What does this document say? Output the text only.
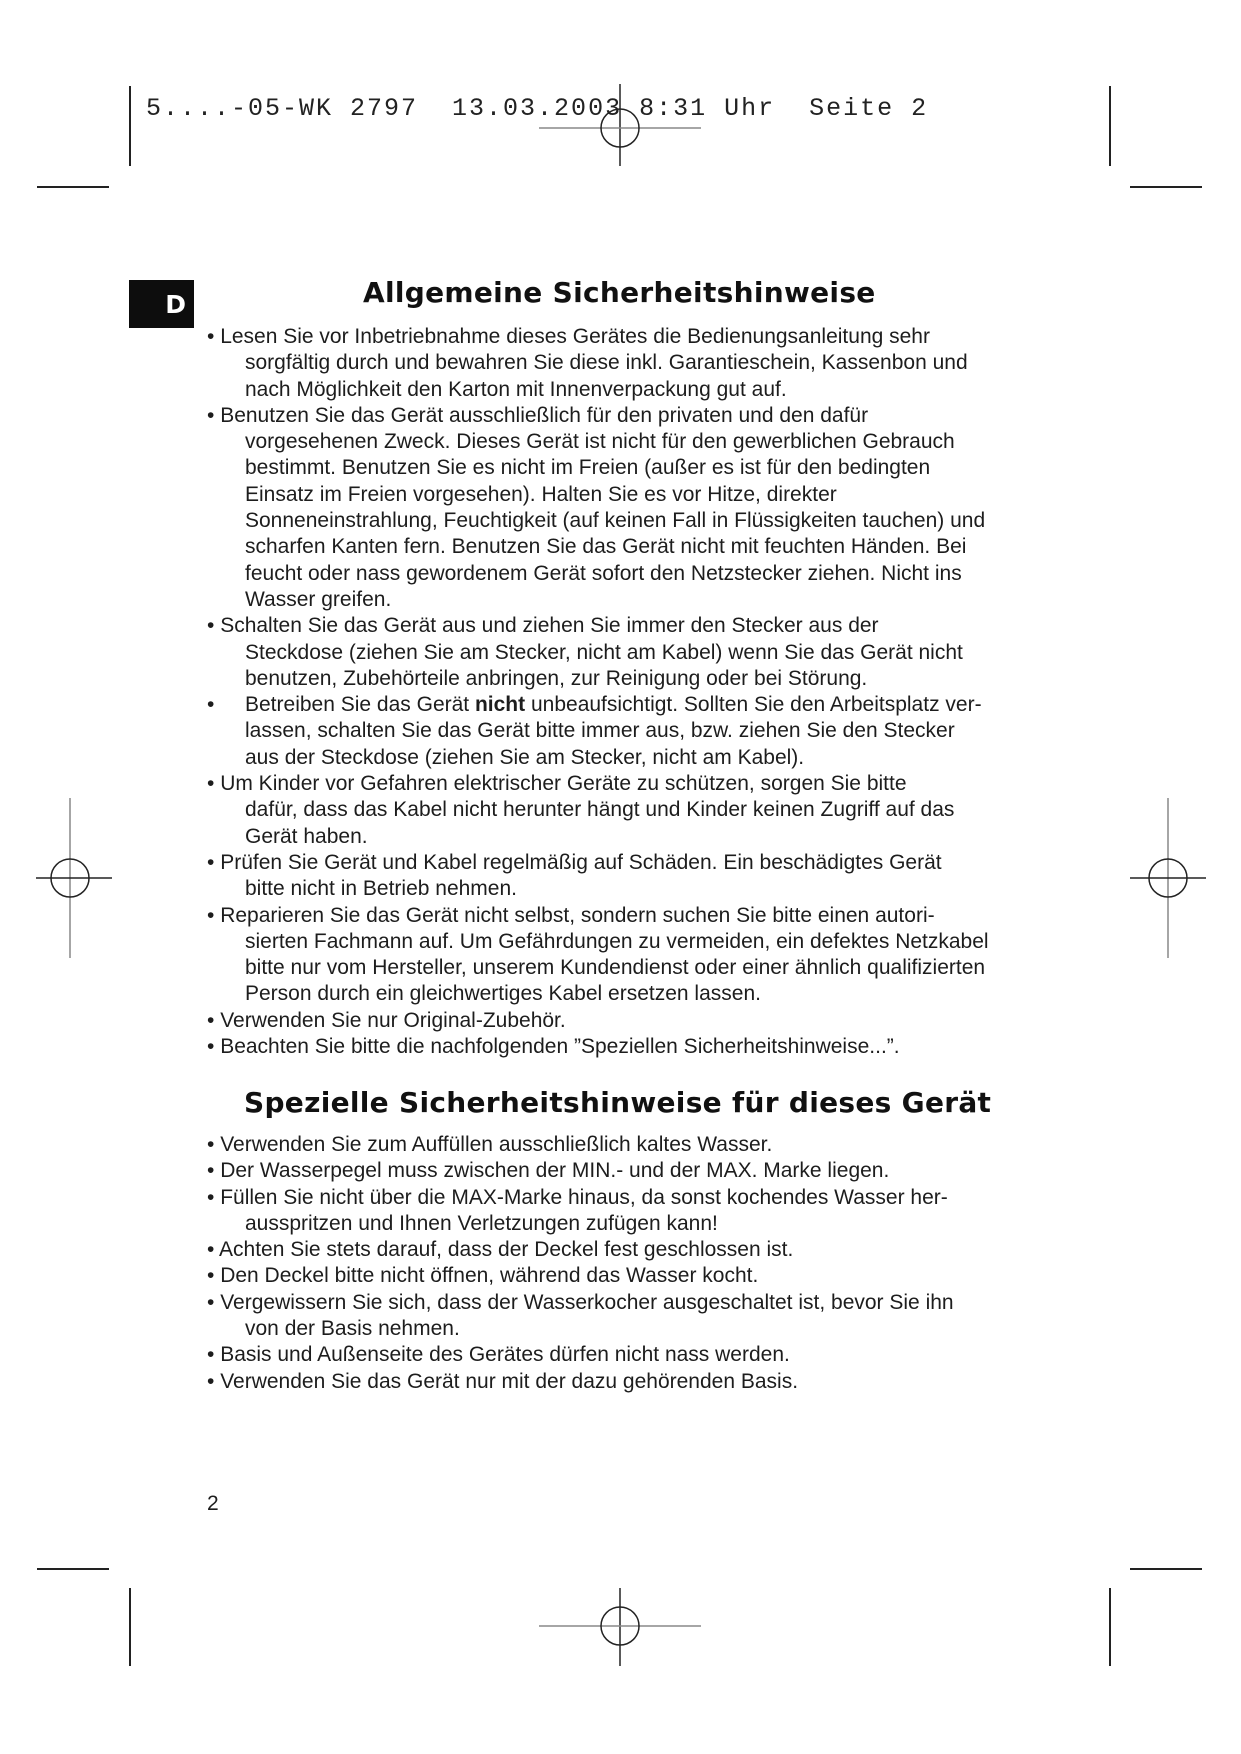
5....-05-WK 2797  13.03.2003 8:31 Uhr  Seite 2
D	Allgemeine Sicherheitshinweise
• Lesen Sie vor Inbetriebnahme dieses Gerätes die Bedienungsanleitung sehr
sorgfältig durch und bewahren Sie diese inkl. Garantieschein, Kassenbon und
nach Möglichkeit den Karton mit Innenverpackung gut auf.
• Benutzen Sie das Gerät ausschließlich für den privaten und den dafür
vorgesehenen Zweck. Dieses Gerät ist nicht für den gewerblichen Gebrauch
bestimmt. Benutzen Sie es nicht im Freien (außer es ist für den bedingten
Einsatz im Freien vorgesehen). Halten Sie es vor Hitze, direkter
Sonneneinstrahlung, Feuchtigkeit (auf keinen Fall in Flüssigkeiten tauchen) und
scharfen Kanten fern. Benutzen Sie das Gerät nicht mit feuchten Händen. Bei
feucht oder nass gewordenem Gerät sofort den Netzstecker ziehen. Nicht ins
Wasser greifen.
• Schalten Sie das Gerät aus und ziehen Sie immer den Stecker aus der
Steckdose (ziehen Sie am Stecker, nicht am Kabel) wenn Sie das Gerät nicht
benutzen, Zubehörteile anbringen, zur Reinigung oder bei Störung.
• Betreiben Sie das Gerät nicht unbeaufsichtigt. Sollten Sie den Arbeitsplatz ver-
lassen, schalten Sie das Gerät bitte immer aus, bzw. ziehen Sie den Stecker
aus der Steckdose (ziehen Sie am Stecker, nicht am Kabel).
• Um Kinder vor Gefahren elektrischer Geräte zu schützen, sorgen Sie bitte
dafür, dass das Kabel nicht herunter hängt und Kinder keinen Zugriff auf das
Gerät haben.
• Prüfen Sie Gerät und Kabel regelmäßig auf Schäden. Ein beschädigtes Gerät
bitte nicht in Betrieb nehmen.
• Reparieren Sie das Gerät nicht selbst, sondern suchen Sie bitte einen autori-
sierten Fachmann auf. Um Gefährdungen zu vermeiden, ein defektes Netzkabel
bitte nur vom Hersteller, unserem Kundendienst oder einer ähnlich qualifizierten
Person durch ein gleichwertiges Kabel ersetzen lassen.
• Verwenden Sie nur Original-Zubehör.
• Beachten Sie bitte die nachfolgenden ”Speziellen Sicherheitshinweise...”.
Spezielle Sicherheitshinweise für dieses Gerät
• Verwenden Sie zum Auffüllen ausschließlich kaltes Wasser.
• Der Wasserpegel muss zwischen der MIN.- und der MAX. Marke liegen.
• Füllen Sie nicht über die MAX-Marke hinaus, da sonst kochendes Wasser her-
ausspritzen und Ihnen Verletzungen zufügen kann!
• Achten Sie stets darauf, dass der Deckel fest geschlossen ist.
• Den Deckel bitte nicht öffnen, während das Wasser kocht.
• Vergewissern Sie sich, dass der Wasserkocher ausgeschaltet ist, bevor Sie ihn
von der Basis nehmen.
• Basis und Außenseite des Gerätes dürfen nicht nass werden.
• Verwenden Sie das Gerät nur mit der dazu gehörenden Basis.
2
